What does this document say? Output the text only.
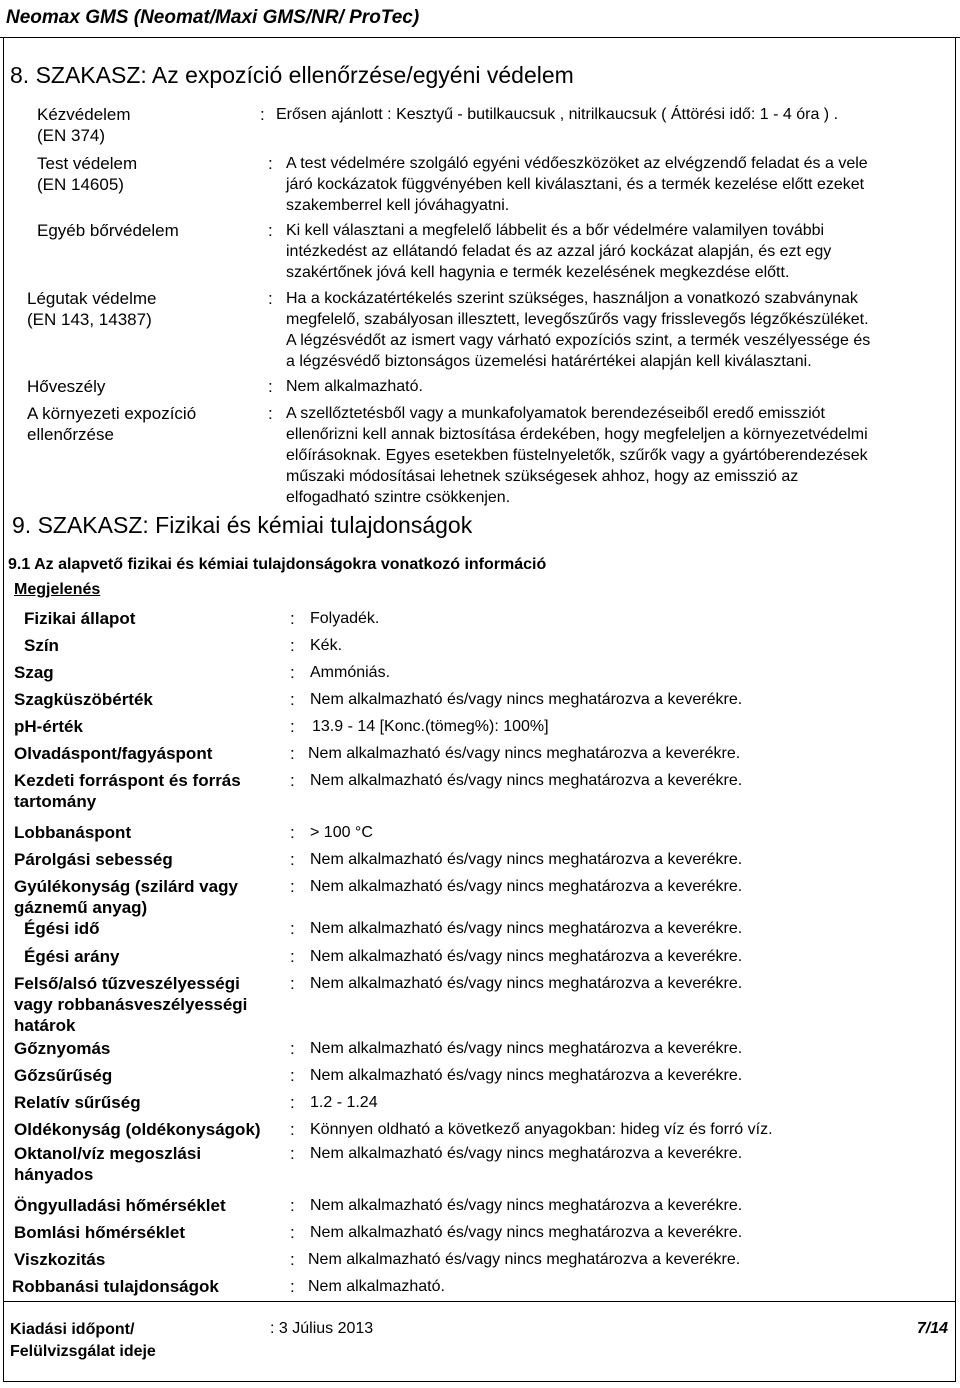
Neomax GMS (Neomat/Maxi GMS/NR/ ProTec)
8. SZAKASZ: Az expozíció ellenőrzése/egyéni védelem
Kézvédelem
(EN 374)
: Erősen ajánlott : Kesztyű - butilkaucsuk , nitrilkaucsuk ( Áttörési idő: 1 - 4 óra ) .
Test védelem
(EN 14605)
: A test védelmére szolgáló egyéni védőeszközöket az elvégzendő feladat és a vele
járó kockázatok függvényében kell kiválasztani, és a termék kezelése előtt ezeket
szakemberrel kell jóváhagyatni.
Egyéb bőrvédelem	: Ki kell választani a megfelelő lábbelit és a bőr védelmére valamilyen további
intézkedést az ellátandó feladat és az azzal járó kockázat alapján, és ezt egy
szakértőnek jóvá kell hagynia e termék kezelésének megkezdése előtt.
Légutak védelme
(EN 143, 14387)
: Ha a kockázatértékelés szerint szükséges, használjon a vonatkozó szabványnak
megfelelő, szabályosan illesztett, levegőszűrős vagy frisslevegős légzőkészüléket.
A légzésvédőt az ismert vagy várható expozíciós szint, a termék veszélyessége és
a légzésvédő biztonságos üzemelési határértékei alapján kell kiválasztani.
Hőveszély	: Nem alkalmazható.
A környezeti expozíció
ellenőrzése
: A szellőztetésből vagy a munkafolyamatok berendezéseiből eredő emissziót
ellenőrizni kell annak biztosítása érdekében, hogy megfeleljen a környezetvédelmi
előírásoknak. Egyes esetekben füstelnyeletők, szűrők vagy a gyártóberendezések
műszaki módosításai lehetnek szükségesek ahhoz, hogy az emisszió az
elfogadható szintre csökkenjen.
9. SZAKASZ: Fizikai és kémiai tulajdonságok
9.1 Az alapvető fizikai és kémiai tulajdonságokra vonatkozó információ
Megjelenés
Fizikai állapot	: Folyadék.
Szín	: Kék.
Szag	: Ammóniás.
Szagküszöbérték	: Nem alkalmazható és/vagy nincs meghatározva a keverékre.
pH-érték	: 13.9 - 14 [Konc.(tömeg%): 100%]
Olvadáspont/fagyáspont	: Nem alkalmazható és/vagy nincs meghatározva a keverékre.
Kezdeti forráspont és forrás
tartomány
: Nem alkalmazható és/vagy nincs meghatározva a keverékre.
Lobbanáspont	: > 100 °C
Párolgási sebesség	: Nem alkalmazható és/vagy nincs meghatározva a keverékre.
Gyúlékonyság (szilárd vagy
gáznemű anyag)
: Nem alkalmazható és/vagy nincs meghatározva a keverékre.
Égési idő	: Nem alkalmazható és/vagy nincs meghatározva a keverékre.
Égési arány	: Nem alkalmazható és/vagy nincs meghatározva a keverékre.
Felső/alsó tűzveszélyességi
vagy robbanásveszélyességi
határok
: Nem alkalmazható és/vagy nincs meghatározva a keverékre.
Gőznyomás	: Nem alkalmazható és/vagy nincs meghatározva a keverékre.
Gőzsűrűség	: Nem alkalmazható és/vagy nincs meghatározva a keverékre.
Relatív sűrűség	: 1.2 - 1.24
Oldékonyság (oldékonyságok) : Könnyen oldható a következő anyagokban: hideg víz és forró víz.
Oktanol/víz megoszlási
hányados
: Nem alkalmazható és/vagy nincs meghatározva a keverékre.
Öngyulladási hőmérséklet	: Nem alkalmazható és/vagy nincs meghatározva a keverékre.
Bomlási hőmérséklet	: Nem alkalmazható és/vagy nincs meghatározva a keverékre.
Viszkozitás	: Nem alkalmazható és/vagy nincs meghatározva a keverékre.
Robbanási tulajdonságok	: Nem alkalmazható.
Kiadási időpont/
Felülvizsgálat ideje
: 3 Július 2013	7/14
